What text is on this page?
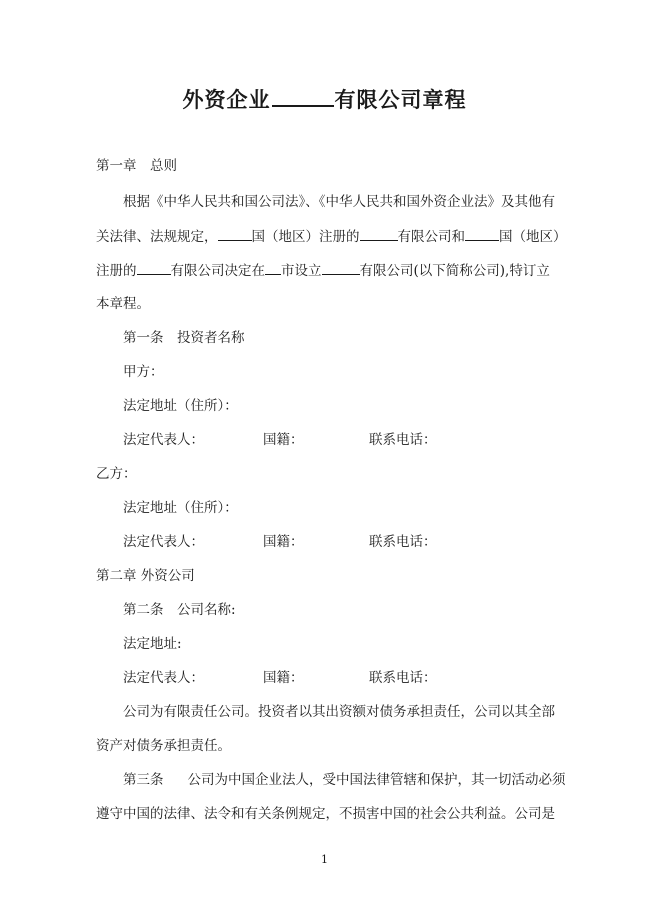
外资企业	有限公司章程
第一章　总则
根据《中华人民共和国公司法》、《中华人民共和国外资企业法》及其他有
关法律、法规规定，	国（地区）注册的	有限公司和	国（地区）
注册的	有限公司决定在 市设立	有限公司(以下简称公司),特订立
本章程。
第一条　投资者名称
甲方：
法定地址（住所）：
法定代表人：	国籍：	联系电话：
乙方：
法定地址（住所）：
法定代表人：	国籍：	联系电话：
第二章 外资公司
第二条　公司名称:
法定地址:
法定代表人：	国籍：	联系电话：
公司为有限责任公司。投资者以其出资额对债务承担责任，公司以其全部
资产对债务承担责任。
第三条 公司为中国企业法人，受中国法律管辖和保护，其一切活动必须
遵守中国的法律、法令和有关条例规定，不损害中国的社会公共利益。公司是
1
